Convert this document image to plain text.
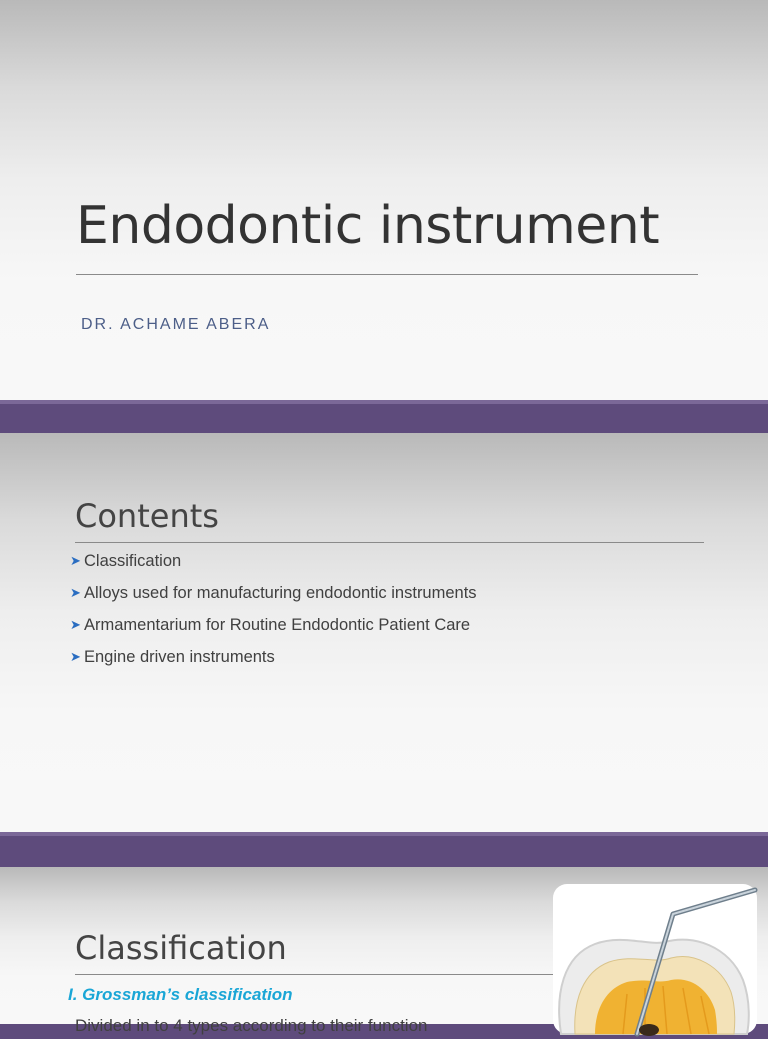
Endodontic instrument
DR. ACHAME ABERA
Contents
➤ Classification
➤ Alloys used for manufacturing endodontic instruments
➤ Armamentarium for Routine Endodontic Patient Care
➤ Engine driven instruments
Classification
I. Grossman’s classification
Divided in to 4 types according to their function
